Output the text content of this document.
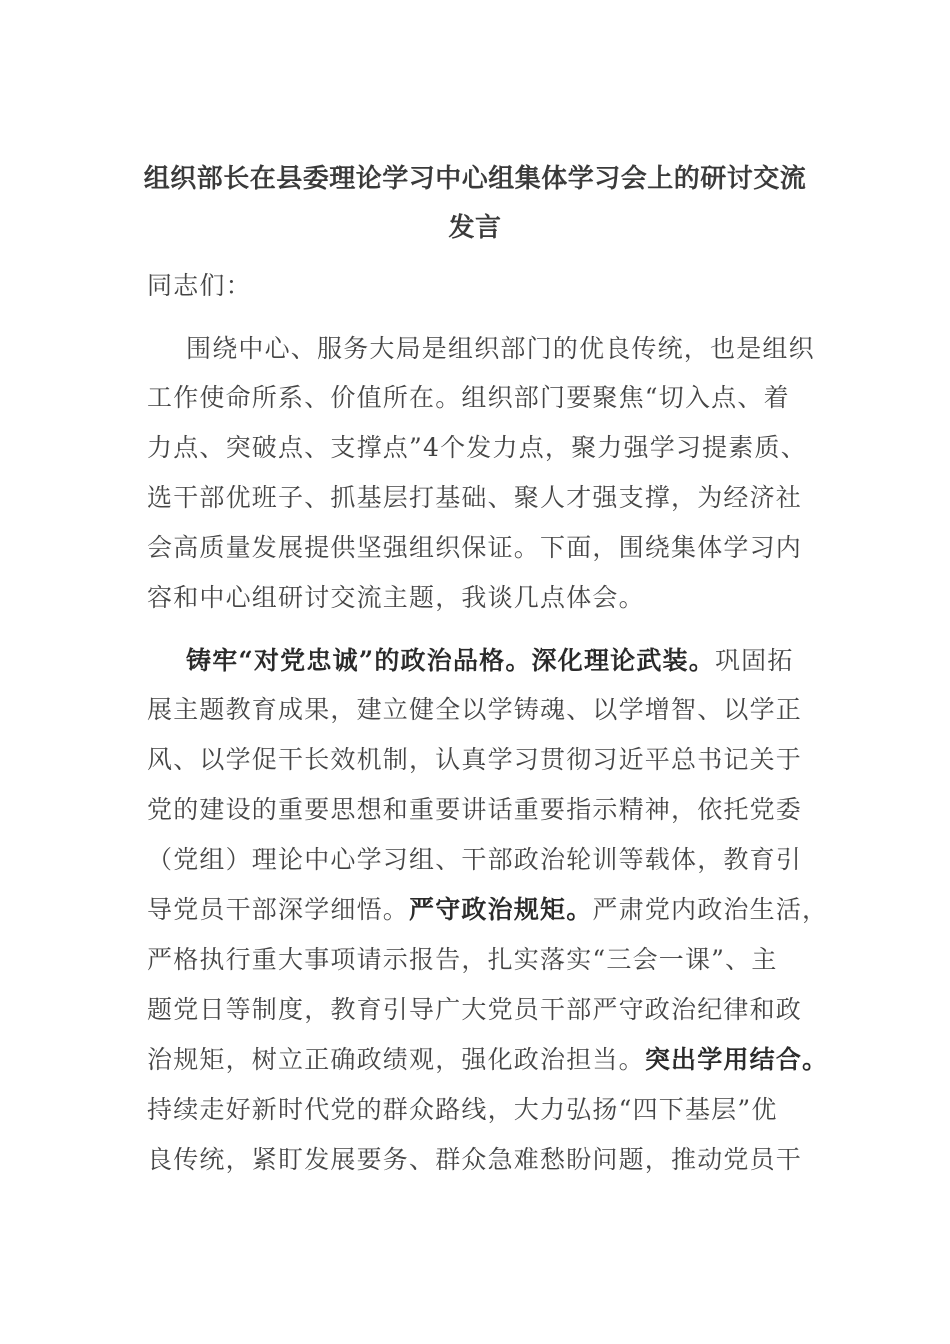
组织部长在县委理论学习中心组集体学习会上的研讨交流
发言
同志们：
围绕中心、服务大局是组织部门的优良传统，也是组织
工作使命所系、价值所在。组织部门要聚焦“切入点、着
力点、突破点、支撑点”4个发力点，聚力强学习提素质、
选干部优班子、抓基层打基础、聚人才强支撑，为经济社
会高质量发展提供坚强组织保证。下面，围绕集体学习内
容和中心组研讨交流主题，我谈几点体会。
铸牢“对党忠诚”的政治品格。深化理论武装。巩固拓
展主题教育成果，建立健全以学铸魂、以学增智、以学正
风、以学促干长效机制，认真学习贯彻习近平总书记关于
党的建设的重要思想和重要讲话重要指示精神，依托党委
（党组）理论中心学习组、干部政治轮训等载体，教育引
导党员干部深学细悟。严守政治规矩。严肃党内政治生活，
严格执行重大事项请示报告，扎实落实“三会一课”、主
题党日等制度，教育引导广大党员干部严守政治纪律和政
治规矩，树立正确政绩观，强化政治担当。突出学用结合。
持续走好新时代党的群众路线，大力弘扬“四下基层”优
良传统，紧盯发展要务、群众急难愁盼问题，推动党员干
